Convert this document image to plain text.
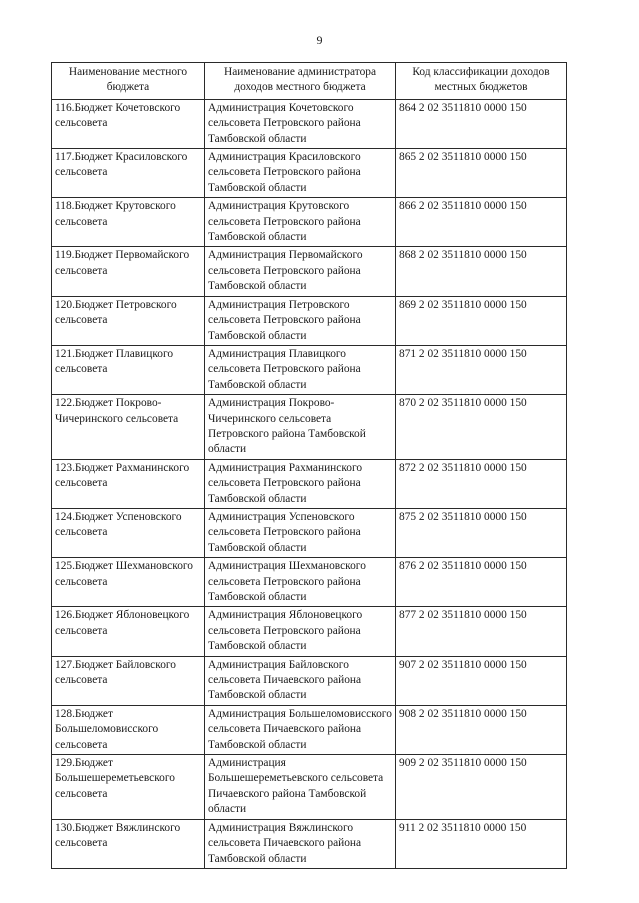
9
Наименование местного бюджета	Наименование администратора доходов местного бюджета	Код классификации доходов местных бюджетов
116.Бюджет Кочетовского сельсовета	Администрация Кочетовского сельсовета Петровского района Тамбовской области	864 2 02 3511810 0000 150
117.Бюджет Красиловского сельсовета	Администрация Красиловского сельсовета Петровского района Тамбовской области	865 2 02 3511810 0000 150
118.Бюджет Крутовского сельсовета	Администрация Крутовского сельсовета Петровского района Тамбовской области	866 2 02 3511810 0000 150
119.Бюджет Первомайского сельсовета	Администрация Первомайского сельсовета Петровского района Тамбовской области	868 2 02 3511810 0000 150
120.Бюджет Петровского сельсовета	Администрация Петровского сельсовета Петровского района Тамбовской области	869 2 02 3511810 0000 150
121.Бюджет Плавицкого сельсовета	Администрация Плавицкого сельсовета Петровского района Тамбовской области	871 2 02 3511810 0000 150
122.Бюджет Покрово-Чичеринского сельсовета	Администрация Покрово-Чичеринского сельсовета Петровского района Тамбовской области	870 2 02 3511810 0000 150
123.Бюджет Рахманинского сельсовета	Администрация Рахманинского сельсовета Петровского района Тамбовской области	872 2 02 3511810 0000 150
124.Бюджет Успеновского сельсовета	Администрация Успеновского сельсовета Петровского района Тамбовской области	875 2 02 3511810 0000 150
125.Бюджет Шехмановского сельсовета	Администрация Шехмановского сельсовета Петровского района Тамбовской области	876 2 02 3511810 0000 150
126.Бюджет Яблоновецкого сельсовета	Администрация Яблоновецкого сельсовета Петровского района Тамбовской области	877 2 02 3511810 0000 150
127.Бюджет Байловского сельсовета	Администрация Байловского сельсовета Пичаевского района Тамбовской области	907 2 02 3511810 0000 150
128.Бюджет Большеломовисского сельсовета	Администрация Большеломовисского сельсовета Пичаевского района Тамбовской области	908 2 02 3511810 0000 150
129.Бюджет Большешереметьевского сельсовета	Администрация Большешереметьевского сельсовета Пичаевского района Тамбовской области	909 2 02 3511810 0000 150
130.Бюджет Вяжлинского сельсовета	Администрация Вяжлинского сельсовета Пичаевского района Тамбовской области	911 2 02 3511810 0000 150
